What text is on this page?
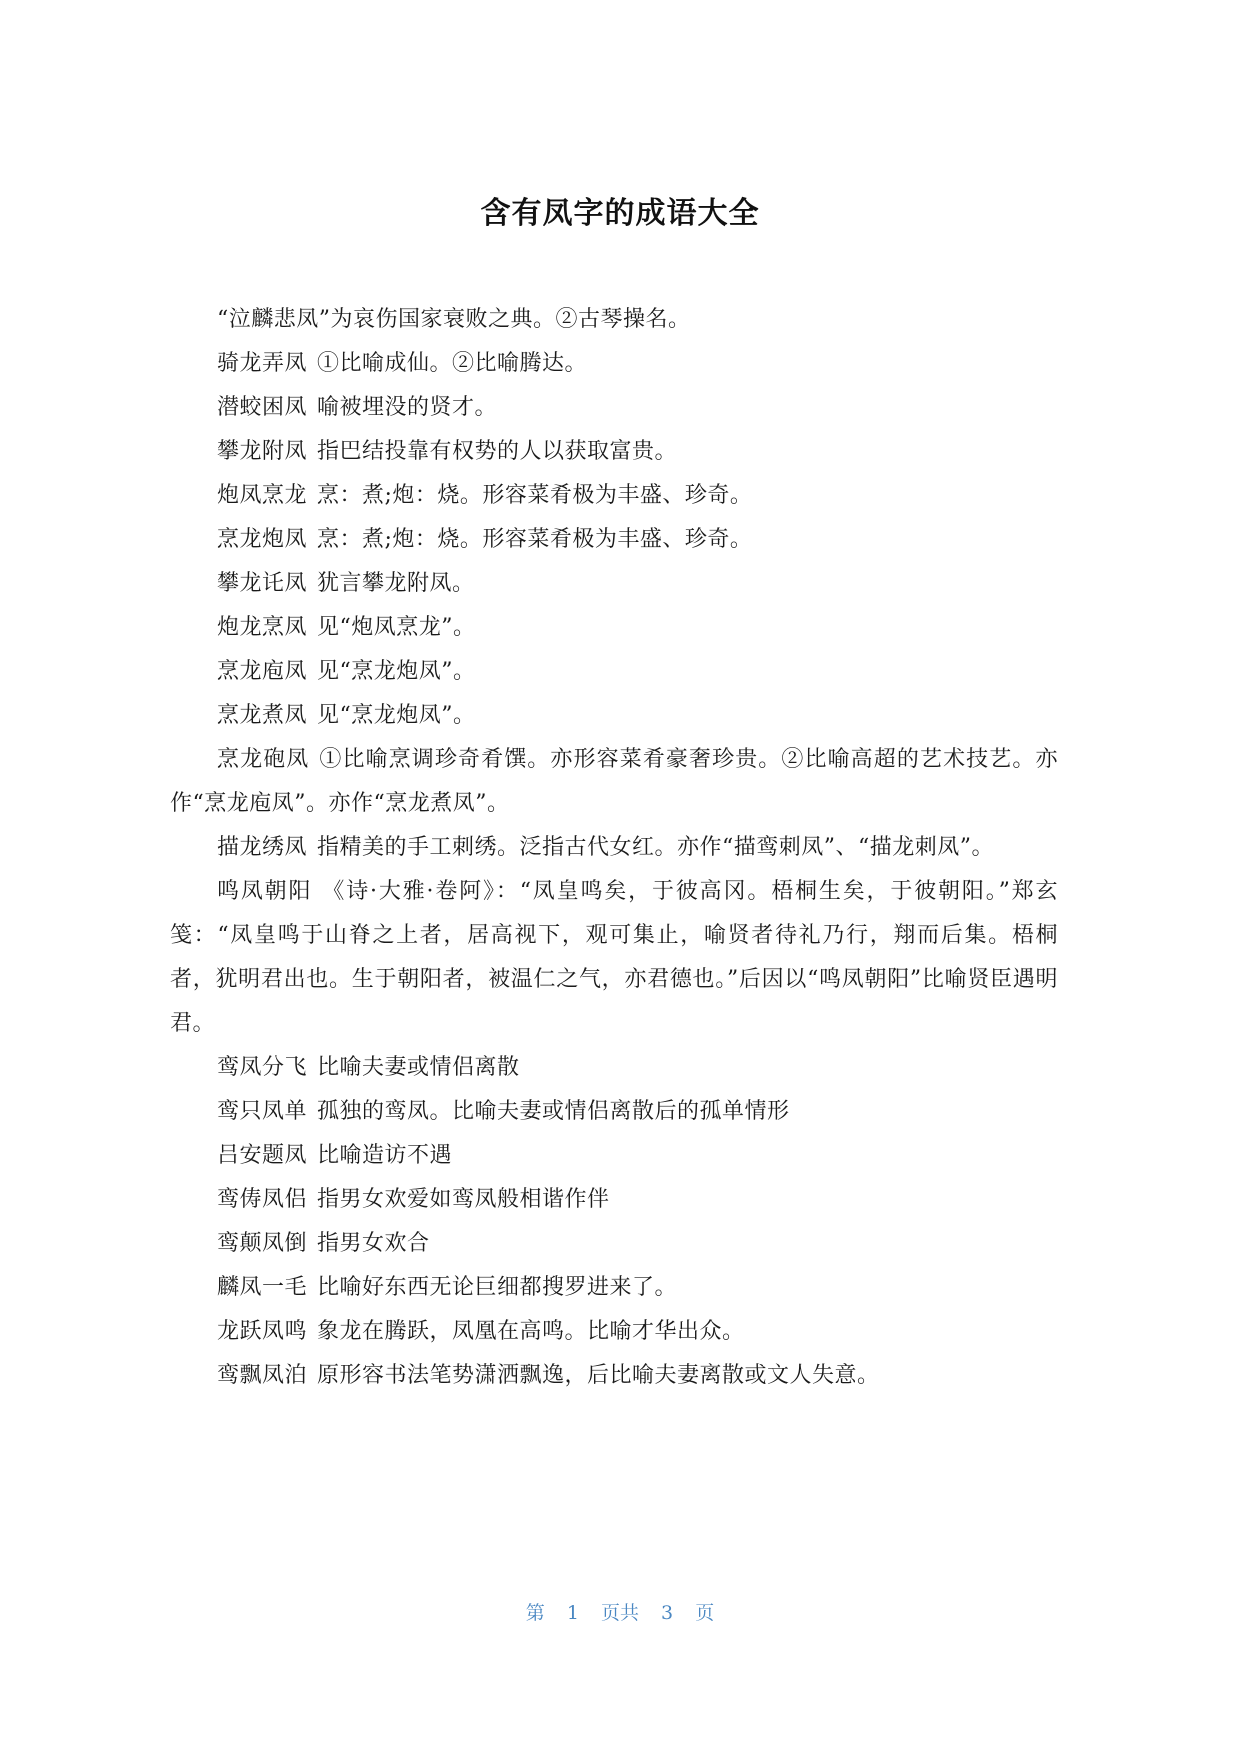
含有凤字的成语大全

“泣麟悲凤”为哀伤国家衰败之典。②古琴操名。

骑龙弄凤 ①比喻成仙。②比喻腾达。

潜蛟困凤 喻被埋没的贤才。

攀龙附凤 指巴结投靠有权势的人以获取富贵。

炮凤烹龙 烹：煮;炮：烧。形容菜肴极为丰盛、珍奇。

烹龙炮凤 烹：煮;炮：烧。形容菜肴极为丰盛、珍奇。

攀龙讬凤 犹言攀龙附凤。

炮龙烹凤 见“炮凤烹龙”。

烹龙庖凤 见“烹龙炮凤”。

烹龙煮凤 见“烹龙炮凤”。

烹龙砲凤 ①比喻烹调珍奇肴馔。亦形容菜肴豪奢珍贵。②比喻高超的艺术技艺。亦作“烹龙庖凤”。亦作“烹龙煮凤”。

描龙绣凤 指精美的手工刺绣。泛指古代女红。亦作“描鸾刺凤”、“描龙刺凤”。

鸣凤朝阳 《诗·大雅·卷阿》：“凤皇鸣矣，于彼高冈。梧桐生矣，于彼朝阳。”郑玄笺：“凤皇鸣于山脊之上者，居高视下，观可集止，喻贤者待礼乃行，翔而后集。梧桐者，犹明君出也。生于朝阳者，被温仁之气，亦君德也。”后因以“鸣凤朝阳”比喻贤臣遇明君。

鸾凤分飞 比喻夫妻或情侣离散

鸾只凤单 孤独的鸾凤。比喻夫妻或情侣离散后的孤单情形

吕安题凤 比喻造访不遇

鸾俦凤侣 指男女欢爱如鸾凤般相谐作伴

鸾颠凤倒 指男女欢合

麟凤一毛 比喻好东西无论巨细都搜罗进来了。

龙跃凤鸣 象龙在腾跃，凤凰在高鸣。比喻才华出众。

鸾飘凤泊 原形容书法笔势潇洒飘逸，后比喻夫妻离散或文人失意。

第 1 页共 3 页
